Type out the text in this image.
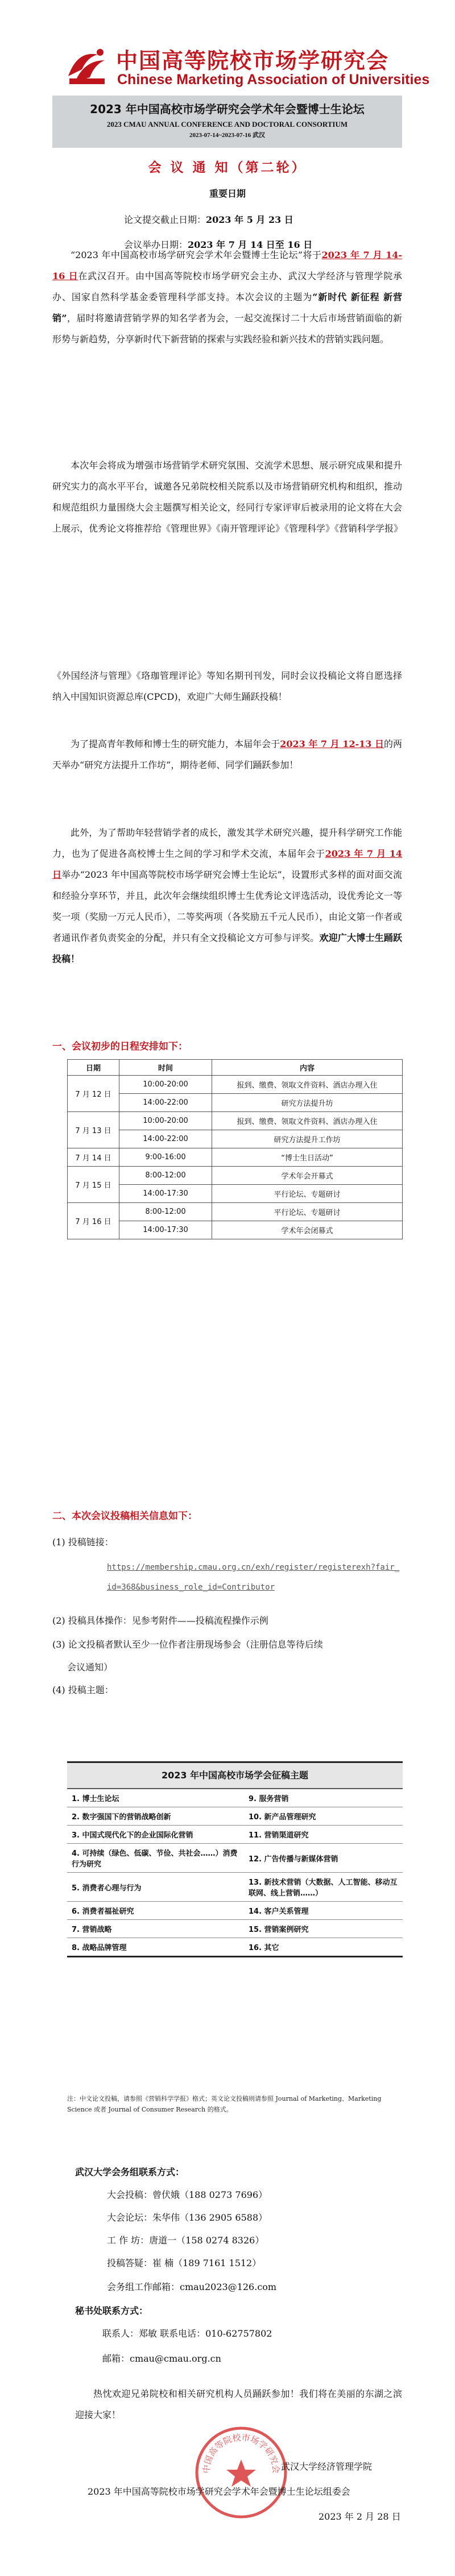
中国高等院校市场学研究会
Chinese Marketing Association of Universities
2023 年中国高校市场学研究会学术年会暨博士生论坛
2023 CMAU ANNUAL CONFERENCE AND DOCTORAL CONSORTIUM
2023-07-14~2023-07-16 武汉
会 议 通 知（第二轮）
重要日期
论文提交截止日期：2023 年 5 月 23 日
会议举办日期：2023 年 7 月 14 日至 16 日
“2023 年中国高校市场学研究会学术年会暨博士生论坛”将于2023 年 7 月 14-16 日在武汉召开。由中国高等院校市场学研究会主办、武汉大学经济与管理学院承办、国家自然科学基金委管理科学部支持。本次会议的主题为“新时代 新征程 新营销”，届时将邀请营销学界的知名学者为会，一起交流探讨二十大后市场营销面临的新形势与新趋势，分享新时代下新营销的探索与实践经验和新兴技术的营销实践问题。
本次年会将成为增强市场营销学术研究氛围、交流学术思想、展示研究成果和提升研究实力的高水平平台，诚邀各兄弟院校相关院系以及市场营销研究机构和组织，推动和规范组织力量围绕大会主题撰写相关论文，经同行专家评审后被录用的论文将在大会上展示，优秀论文将推荐给《管理世界》《南开管理评论》《管理科学》《营销科学学报》
《外国经济与管理》《珞珈管理评论》等知名期刊刊发，同时会议投稿论文将自愿选择纳入中国知识资源总库(CPCD)，欢迎广大师生踊跃投稿！
为了提高青年教师和博士生的研究能力，本届年会于2023 年 7 月 12-13 日的两天举办“研究方法提升工作坊”，期待老师、同学们踊跃参加！
此外，为了帮助年轻营销学者的成长，激发其学术研究兴趣，提升科学研究工作能力，也为了促进各高校博士生之间的学习和学术交流，本届年会于2023 年 7 月 14 日举办“2023 年中国高等院校市场学研究会博士生论坛”，设置形式多样的面对面交流和经验分享环节，并且，此次年会继续组织博士生优秀论文评选活动，设优秀论文一等奖一项（奖励一万元人民币），二等奖两项（各奖励五千元人民币），由论文第一作者或者通讯作者负责奖金的分配，并只有全文投稿论文方可参与评奖。欢迎广大博士生踊跃投稿！
一、会议初步的日程安排如下：
日期	时间	内容
7 月 12 日	10:00-20:00	报到、缴费、领取文件资料、酒店办理入住
	14:00-22:00	研究方法提升坊
7 月 13 日	10:00-20:00	报到、缴费、领取文件资料、酒店办理入住
	14:00-22:00	研究方法提升工作坊
7 月 14 日	9:00-16:00	“博士生日活动”
7 月 15 日	8:00-12:00	学术年会开幕式
	14:00-17:30	平行论坛、专题研讨
7 月 16 日	8:00-12:00	平行论坛、专题研讨
	14:00-17:30	学术年会闭幕式
二、本次会议投稿相关信息如下：
(1) 投稿链接：
https://membership.cmau.org.cn/exh/register/registerexh?fair_id=368&business_role_id=Contributor
(2) 投稿具体操作：见参考附件——投稿流程操作示例
(3) 论文投稿者默认至少一位作者注册现场参会（注册信息等待后续
会议通知）
(4) 投稿主题：
2023 年中国高校市场学会征稿主题
1. 博士生论坛	9. 服务营销
2. 数字强国下的营销战略创新	10. 新产品管理研究
3. 中国式现代化下的企业国际化营销	11. 营销渠道研究
4. 可持续（绿色、低碳、节俭、共社会……）消费行为研究	12. 广告传播与新媒体营销
5. 消费者心理与行为	13. 新技术营销（大数据、人工智能、移动互联网、线上营销……）
6. 消费者福祉研究	14. 客户关系管理
7. 营销战略	15. 营销案例研究
8. 战略品牌管理	16. 其它
注：中文论文投稿，请参照《营销科学学报》格式；英文论文投稿则请参照 Journal of Marketing、Marketing Science 或者 Journal of Consumer Research 的格式。
武汉大学会务组联系方式：
大会投稿：曾伏娥（188 0273 7696）
大会论坛：朱华伟（136 2905 6588）
工 作 坊：唐道一（158 0274 8326）
投稿答疑：崔 楠（189 7161 1512）
会务组工作邮箱：cmau2023@126.com
秘书处联系方式：
联系人：郑敏 联系电话：010-62757802
邮箱：cmau@cmau.org.cn
热忱欢迎兄弟院校和相关研究机构人员踊跃参加！我们将在美丽的东湖之滨迎接大家！
中国高等院校市场学研究会 武汉大学经济管理学院
2023 年中国高等院校市场学研究会学术年会暨博士生论坛组委会
2023 年 2 月 28 日
